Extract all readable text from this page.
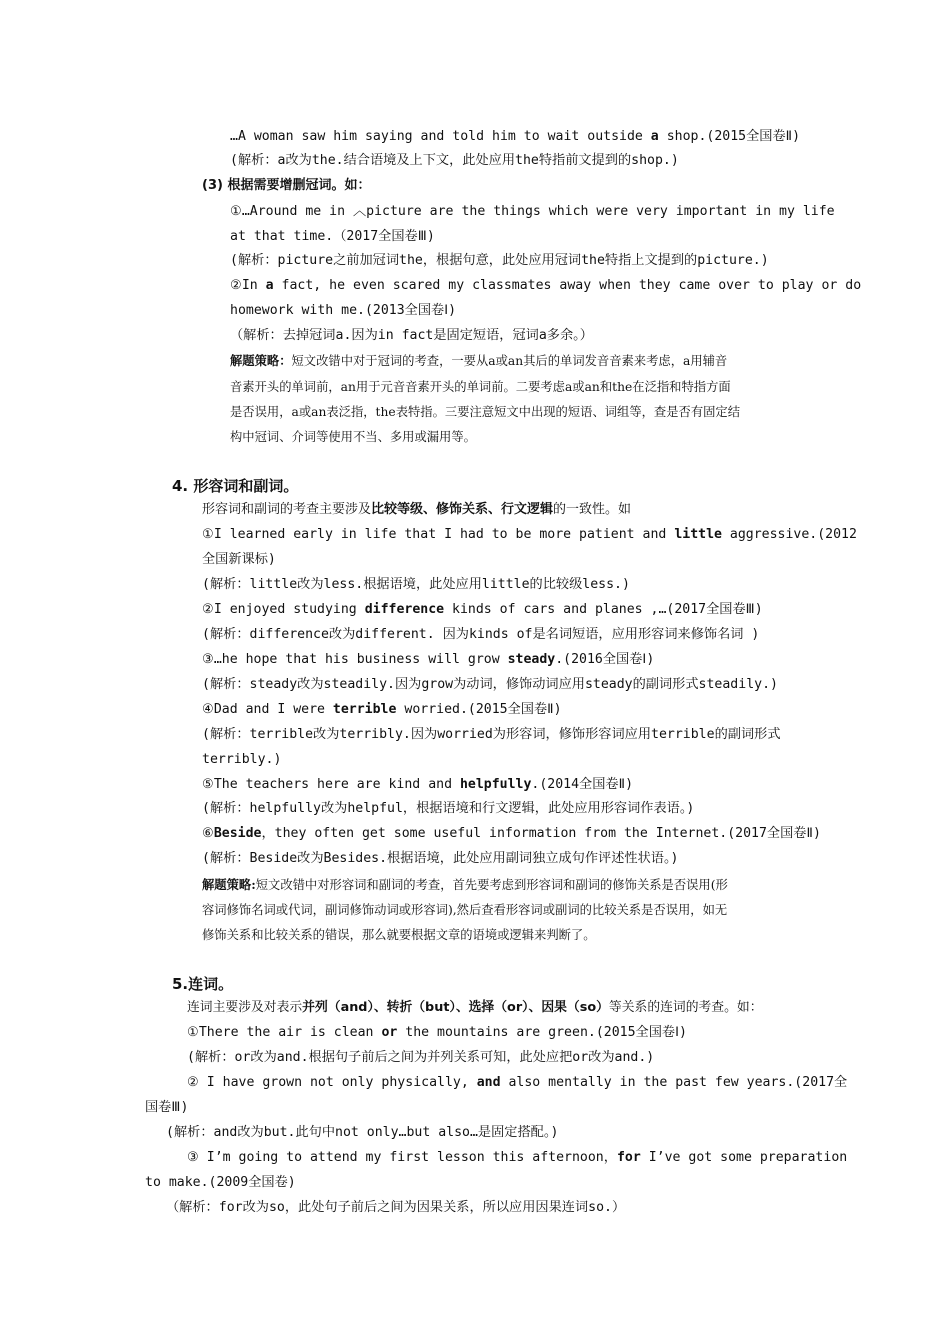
…A woman saw him saying and told him to wait outside a shop.(2015全国卷Ⅱ)
(解析：a改为the.结合语境及上下文，此处应用the特指前文提到的shop.)
(3) 根据需要增删冠词。如：
①…Around me in ︿picture are the things which were very important in my life
at that time.（2017全国卷Ⅲ)
(解析：picture之前加冠词the，根据句意，此处应用冠词the特指上文提到的picture.)
②In a fact, he even scared my classmates away when they came over to play or do
homework with me.(2013全国卷Ⅰ)
（解析：去掉冠词a.因为in fact是固定短语，冠词a多余。）
解题策略：短文改错中对于冠词的考查，一要从a或an其后的单词发音音素来考虑，a用辅音
音素开头的单词前，an用于元音音素开头的单词前。二要考虑a或an和the在泛指和特指方面
是否误用，a或an表泛指，the表特指。三要注意短文中出现的短语、词组等，查是否有固定结
构中冠词、介词等使用不当、多用或漏用等。
4. 形容词和副词。
形容词和副词的考查主要涉及比较等级、修饰关系、行文逻辑的一致性。如
①I learned early in life that I had to be more patient and little aggressive.(2012
全国新课标)
(解析：little改为less.根据语境，此处应用little的比较级less.)
②I enjoyed studying difference kinds of cars and planes ,…(2017全国卷Ⅲ)
(解析：difference改为different. 因为kinds of是名词短语，应用形容词来修饰名词 )
③…he hope that his business will grow steady.(2016全国卷Ⅰ)
(解析：steady改为steadily.因为grow为动词，修饰动词应用steady的副词形式steadily.)
④Dad and I were terrible worried.(2015全国卷Ⅱ)
(解析：terrible改为terribly.因为worried为形容词，修饰形容词应用terrible的副词形式
terribly.)
⑤The teachers here are kind and helpfully.(2014全国卷Ⅱ)
(解析：helpfully改为helpful，根据语境和行文逻辑，此处应用形容词作表语。)
⑥Beside，they often get some useful information from the Internet.(2017全国卷Ⅱ)
(解析：Beside改为Besides.根据语境，此处应用副词独立成句作评述性状语。)
解题策略:短文改错中对形容词和副词的考查，首先要考虑到形容词和副词的修饰关系是否误用(形
容词修饰名词或代词，副词修饰动词或形容词),然后查看形容词或副词的比较关系是否误用，如无
修饰关系和比较关系的错误，那么就要根据文章的语境或逻辑来判断了。
5.连词。
连词主要涉及对表示并列（and）、转折（but）、选择（or）、因果（so）等关系的连词的考查。如：
①There the air is clean or the mountains are green.(2015全国卷Ⅰ)
(解析：or改为and.根据句子前后之间为并列关系可知，此处应把or改为and.)
② I have grown not only physically, and also mentally in the past few years.(2017全
国卷Ⅲ)
(解析：and改为but.此句中not only…but also…是固定搭配。)
③ I’m going to attend my first lesson this afternoon，for I’ve got some preparation
to make.(2009全国卷)
（解析：for改为so，此处句子前后之间为因果关系，所以应用因果连词so.）
